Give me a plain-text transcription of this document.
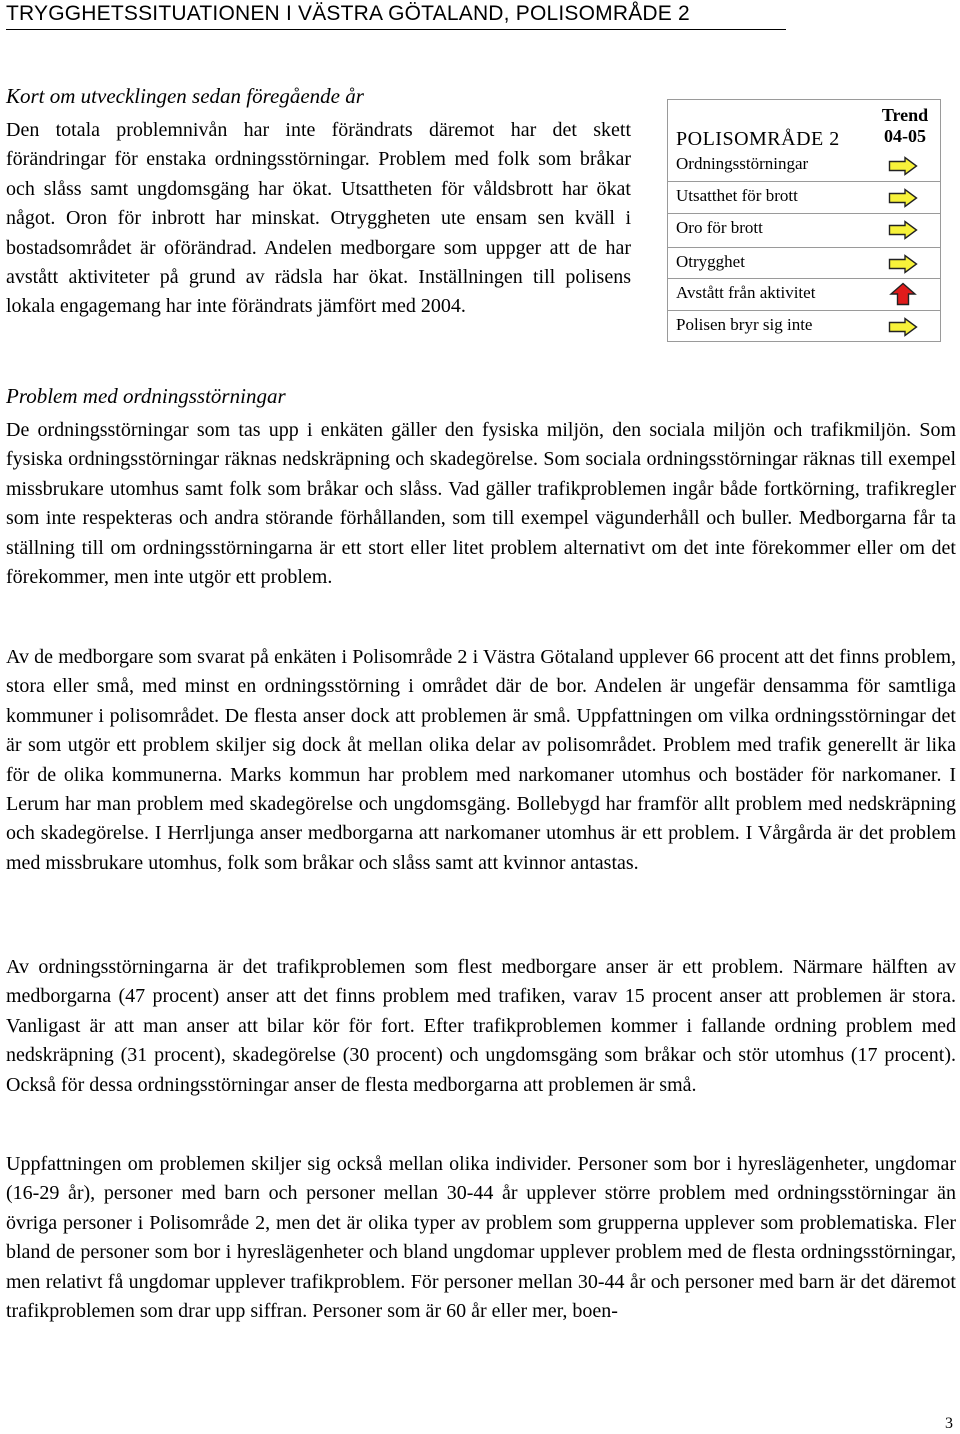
TRYGGHETSSITUATIONEN I VÄSTRA GÖTALAND, POLISOMRÅDE 2
Kort om utvecklingen sedan föregående år
Den totala problemnivån har inte förändrats däremot har det skett förändringar för enstaka ordningsstörningar. Problem med folk som bråkar och slåss samt ungdomsgäng har ökat. Utsattheten för våldsbrott har ökat något. Oron för inbrott har minskat. Otryggheten ute ensam sen kväll i bostadsområdet är oförändrad. Andelen medborgare som uppger att de har avstått aktiviteter på grund av rädsla har ökat. Inställningen till polisens lokala engagemang har inte förändrats jämfört med 2004.
POLISOMRÅDE 2
Trend
04-05
Ordningsstörningar
Utsatthet för brott
Oro för brott
Otrygghet
Avstått från aktivitet
Polisen bryr sig inte
Problem med ordningsstörningar
De ordningsstörningar som tas upp i enkäten gäller den fysiska miljön, den sociala miljön och trafikmiljön. Som fysiska ordningsstörningar räknas nedskräpning och skadegörelse. Som sociala ordningsstörningar räknas till exempel missbrukare utomhus samt folk som bråkar och slåss. Vad gäller trafikproblemen ingår både fortkörning, trafikregler som inte respekteras och andra störande förhållanden, som till exempel vägunderhåll och buller. Medborgarna får ta ställning till om ordningsstörningarna är ett stort eller litet problem alternativt om det inte förekommer eller om det förekommer, men inte utgör ett problem.
Av de medborgare som svarat på enkäten i Polisområde 2 i Västra Götaland upplever 66 procent att det finns problem, stora eller små, med minst en ordningsstörning i området där de bor. Andelen är ungefär densamma för samtliga kommuner i polisområdet. De flesta anser dock att problemen är små. Uppfattningen om vilka ordningsstörningar det är som utgör ett problem skiljer sig dock åt mellan olika delar av polisområdet. Problem med trafik generellt är lika för de olika kommunerna. Marks kommun har problem med narkomaner utomhus och bostäder för narkomaner. I Lerum har man problem med skadegörelse och ungdomsgäng. Bollebygd har framför allt problem med nedskräpning och skadegörelse. I Herrljunga anser medborgarna att narkomaner utomhus är ett problem. I Vårgårda är det problem med missbrukare utomhus, folk som bråkar och slåss samt att kvinnor antastas.
Av ordningsstörningarna är det trafikproblemen som flest medborgare anser är ett problem. Närmare hälften av medborgarna (47 procent) anser att det finns problem med trafiken, varav 15 procent anser att problemen är stora. Vanligast är att man anser att bilar kör för fort. Efter trafikproblemen kommer i fallande ordning problem med nedskräpning (31 procent), skadegörelse (30 procent) och ungdomsgäng som bråkar och stör utomhus (17 procent). Också för dessa ordningsstörningar anser de flesta medborgarna att problemen är små.
Uppfattningen om problemen skiljer sig också mellan olika individer. Personer som bor i hyreslägenheter, ungdomar (16-29 år), personer med barn och personer mellan 30-44 år upplever större problem med ordningsstörningar än övriga personer i Polisområde 2, men det är olika typer av problem som grupperna upplever som problematiska. Fler bland de personer som bor i hyreslägenheter och bland ungdomar upplever problem med de flesta ordningsstörningar, men relativt få ungdomar upplever trafikproblem. För personer mellan 30-44 år och personer med barn är det däremot trafikproblemen som drar upp siffran. Personer som är 60 år eller mer, boen-
3
